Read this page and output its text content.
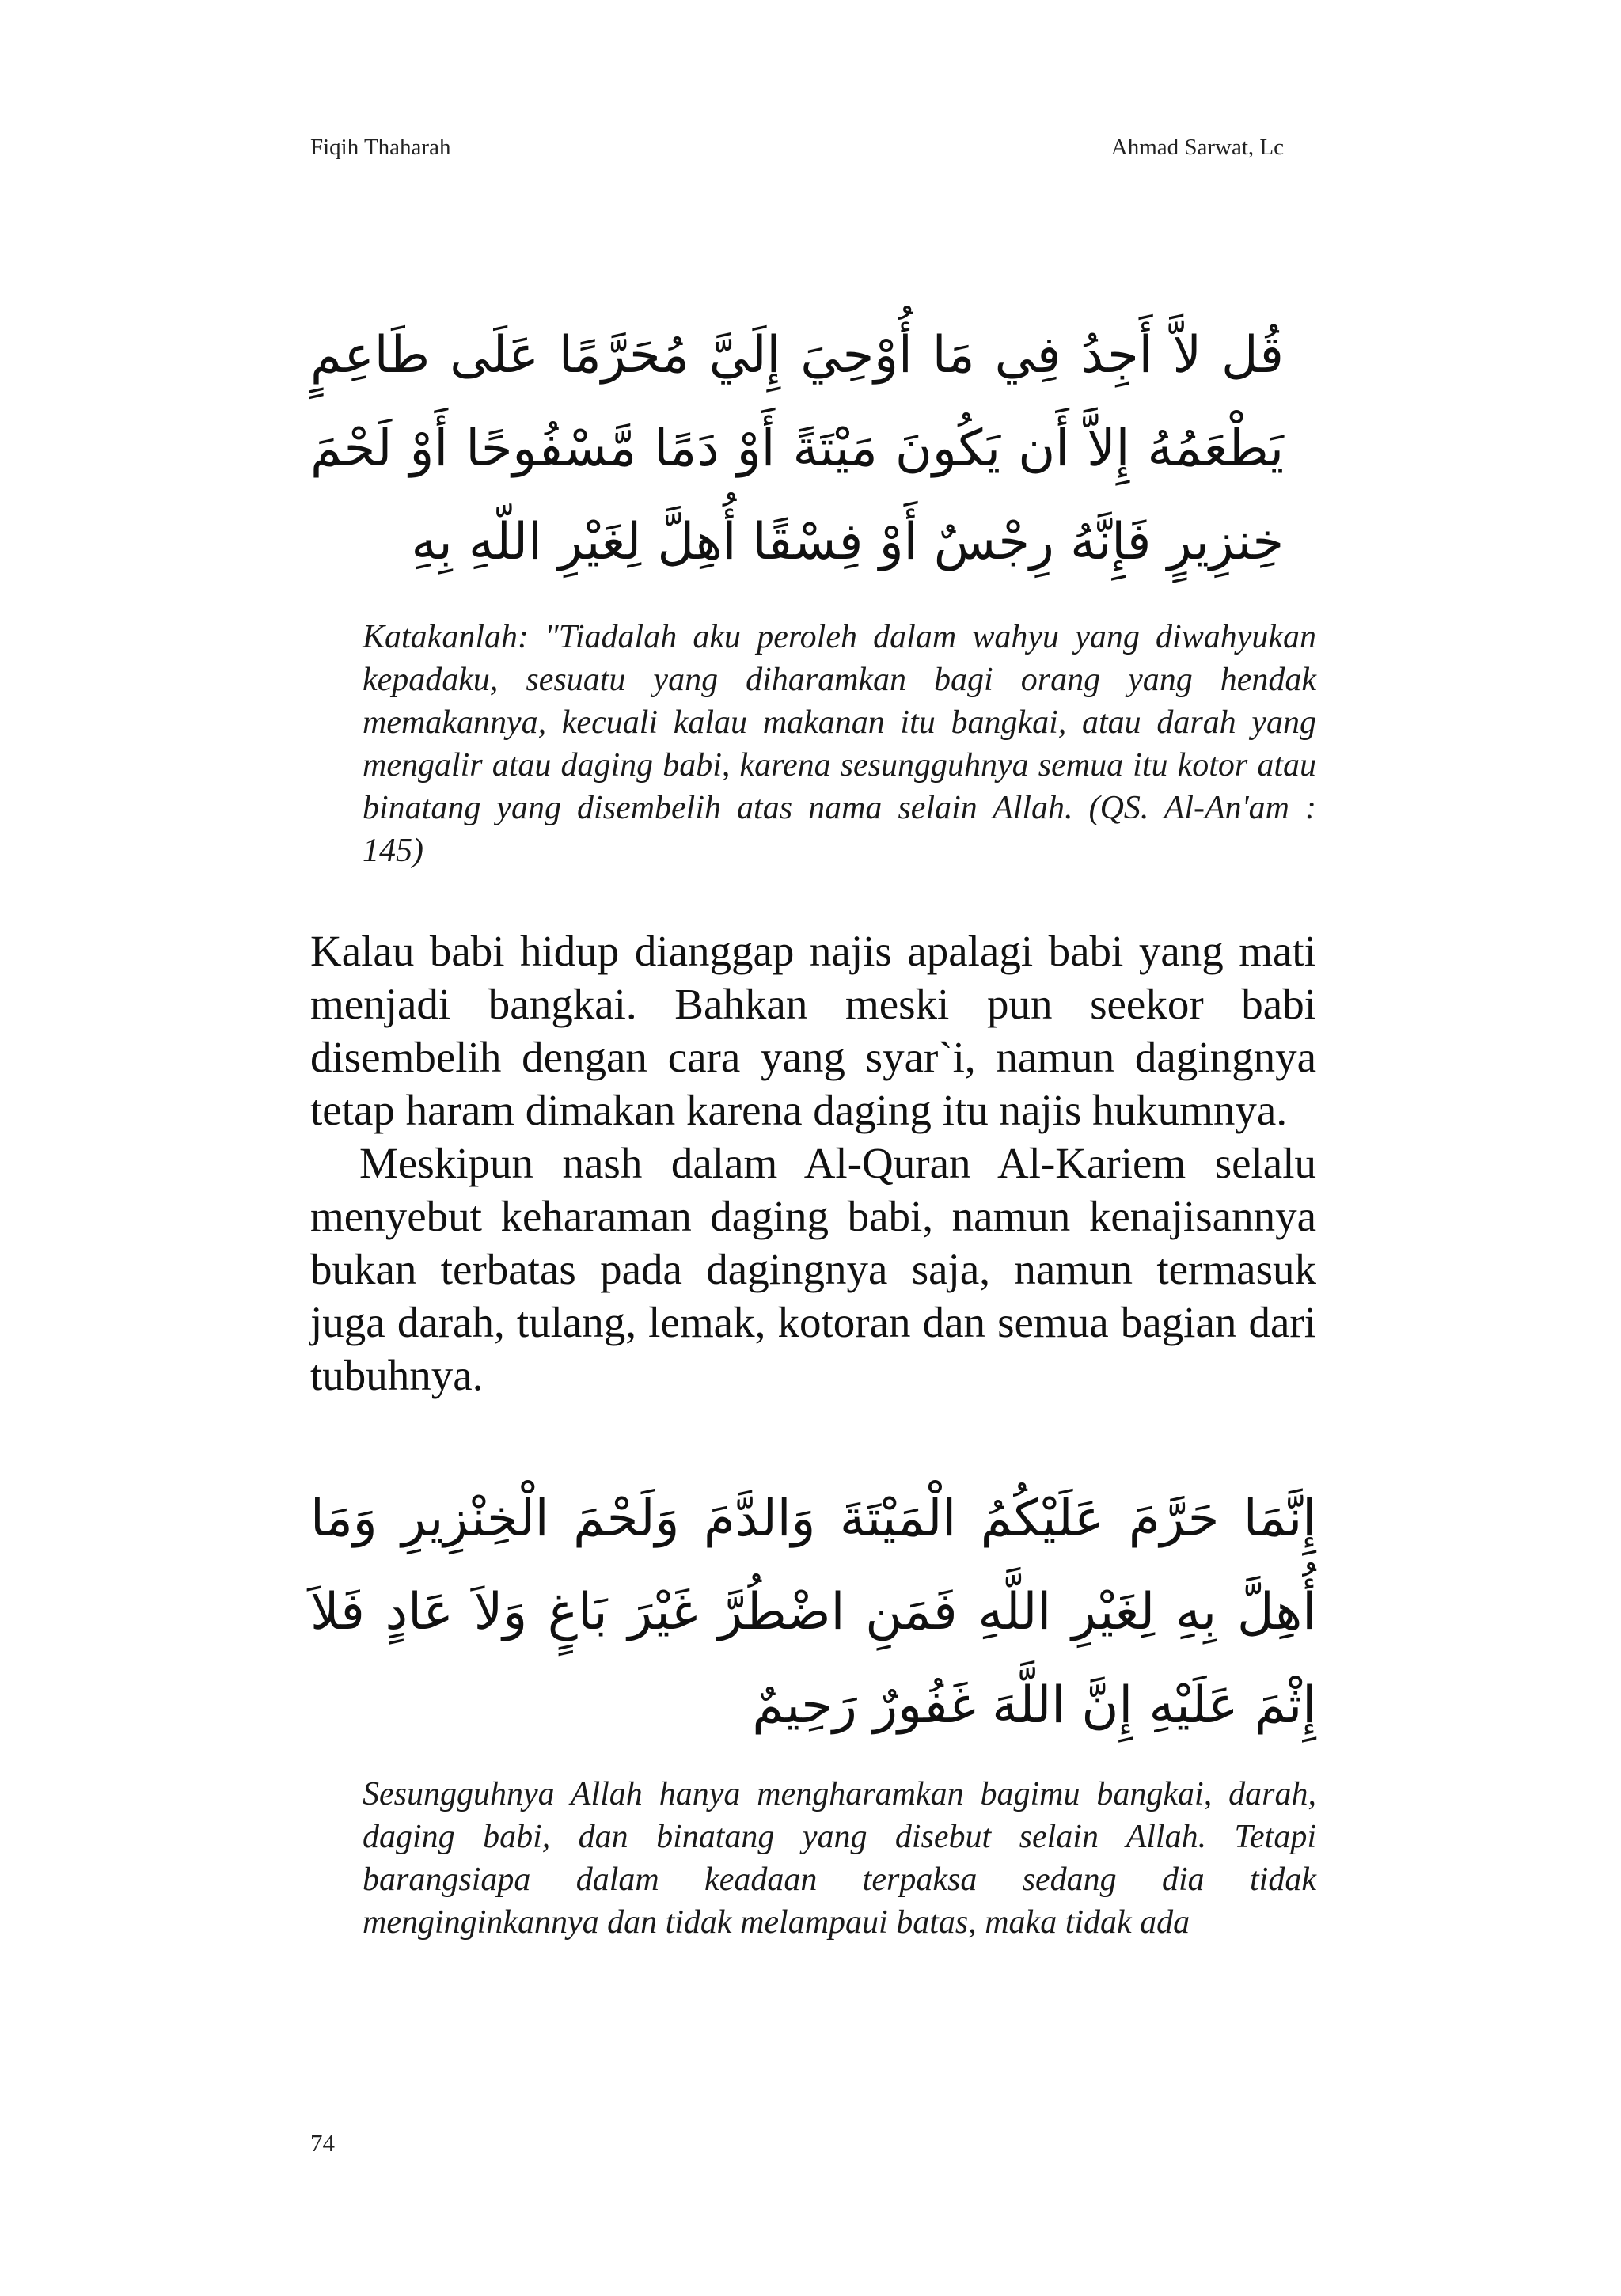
Fiqih Thaharah	Ahmad Sarwat, Lc

قُل لاَّ أَجِدُ فِي مَا أُوْحِيَ إِلَيَّ مُحَرَّمًا عَلَى طَاعِمٍ يَطْعَمُهُ إِلاَّ أَن يَكُونَ مَيْتَةً أَوْ دَمًا مَّسْفُوحًا أَوْ لَحْمَ خِنزِيرٍ فَإِنَّهُ رِجْسٌ أَوْ فِسْقًا أُهِلَّ لِغَيْرِ اللّهِ بِهِ

Katakanlah: "Tiadalah aku peroleh dalam wahyu yang diwahyukan kepadaku, sesuatu yang diharamkan bagi orang yang hendak memakannya, kecuali kalau makanan itu bangkai, atau darah yang mengalir atau daging babi, karena sesungguhnya semua itu kotor atau binatang yang disembelih atas nama selain Allah. (QS. Al-An'am : 145)

Kalau babi hidup dianggap najis apalagi babi yang mati menjadi bangkai. Bahkan meski pun seekor babi disembelih dengan cara yang syar`i, namun dagingnya tetap haram dimakan karena daging itu najis hukumnya.

Meskipun nash dalam Al-Quran Al-Kariem selalu menyebut keharaman daging babi, namun kenajisannya bukan terbatas pada dagingnya saja, namun termasuk juga darah, tulang, lemak, kotoran dan semua bagian dari tubuhnya.

إِنَّمَا حَرَّمَ عَلَيْكُمُ الْمَيْتَةَ وَالدَّمَ وَلَحْمَ الْخِنْزِيرِ وَمَا أُهِلَّ بِهِ لِغَيْرِ اللَّهِ فَمَنِ اضْطُرَّ غَيْرَ بَاغٍ وَلاَ عَادٍ فَلاَ إِثْمَ عَلَيْهِ إِنَّ اللَّهَ غَفُورٌ رَحِيمٌ

Sesungguhnya Allah hanya mengharamkan bagimu bangkai, darah, daging babi, dan binatang yang disebut selain Allah. Tetapi barangsiapa dalam keadaan terpaksa sedang dia tidak menginginkannya dan tidak melampaui batas, maka tidak ada

74
